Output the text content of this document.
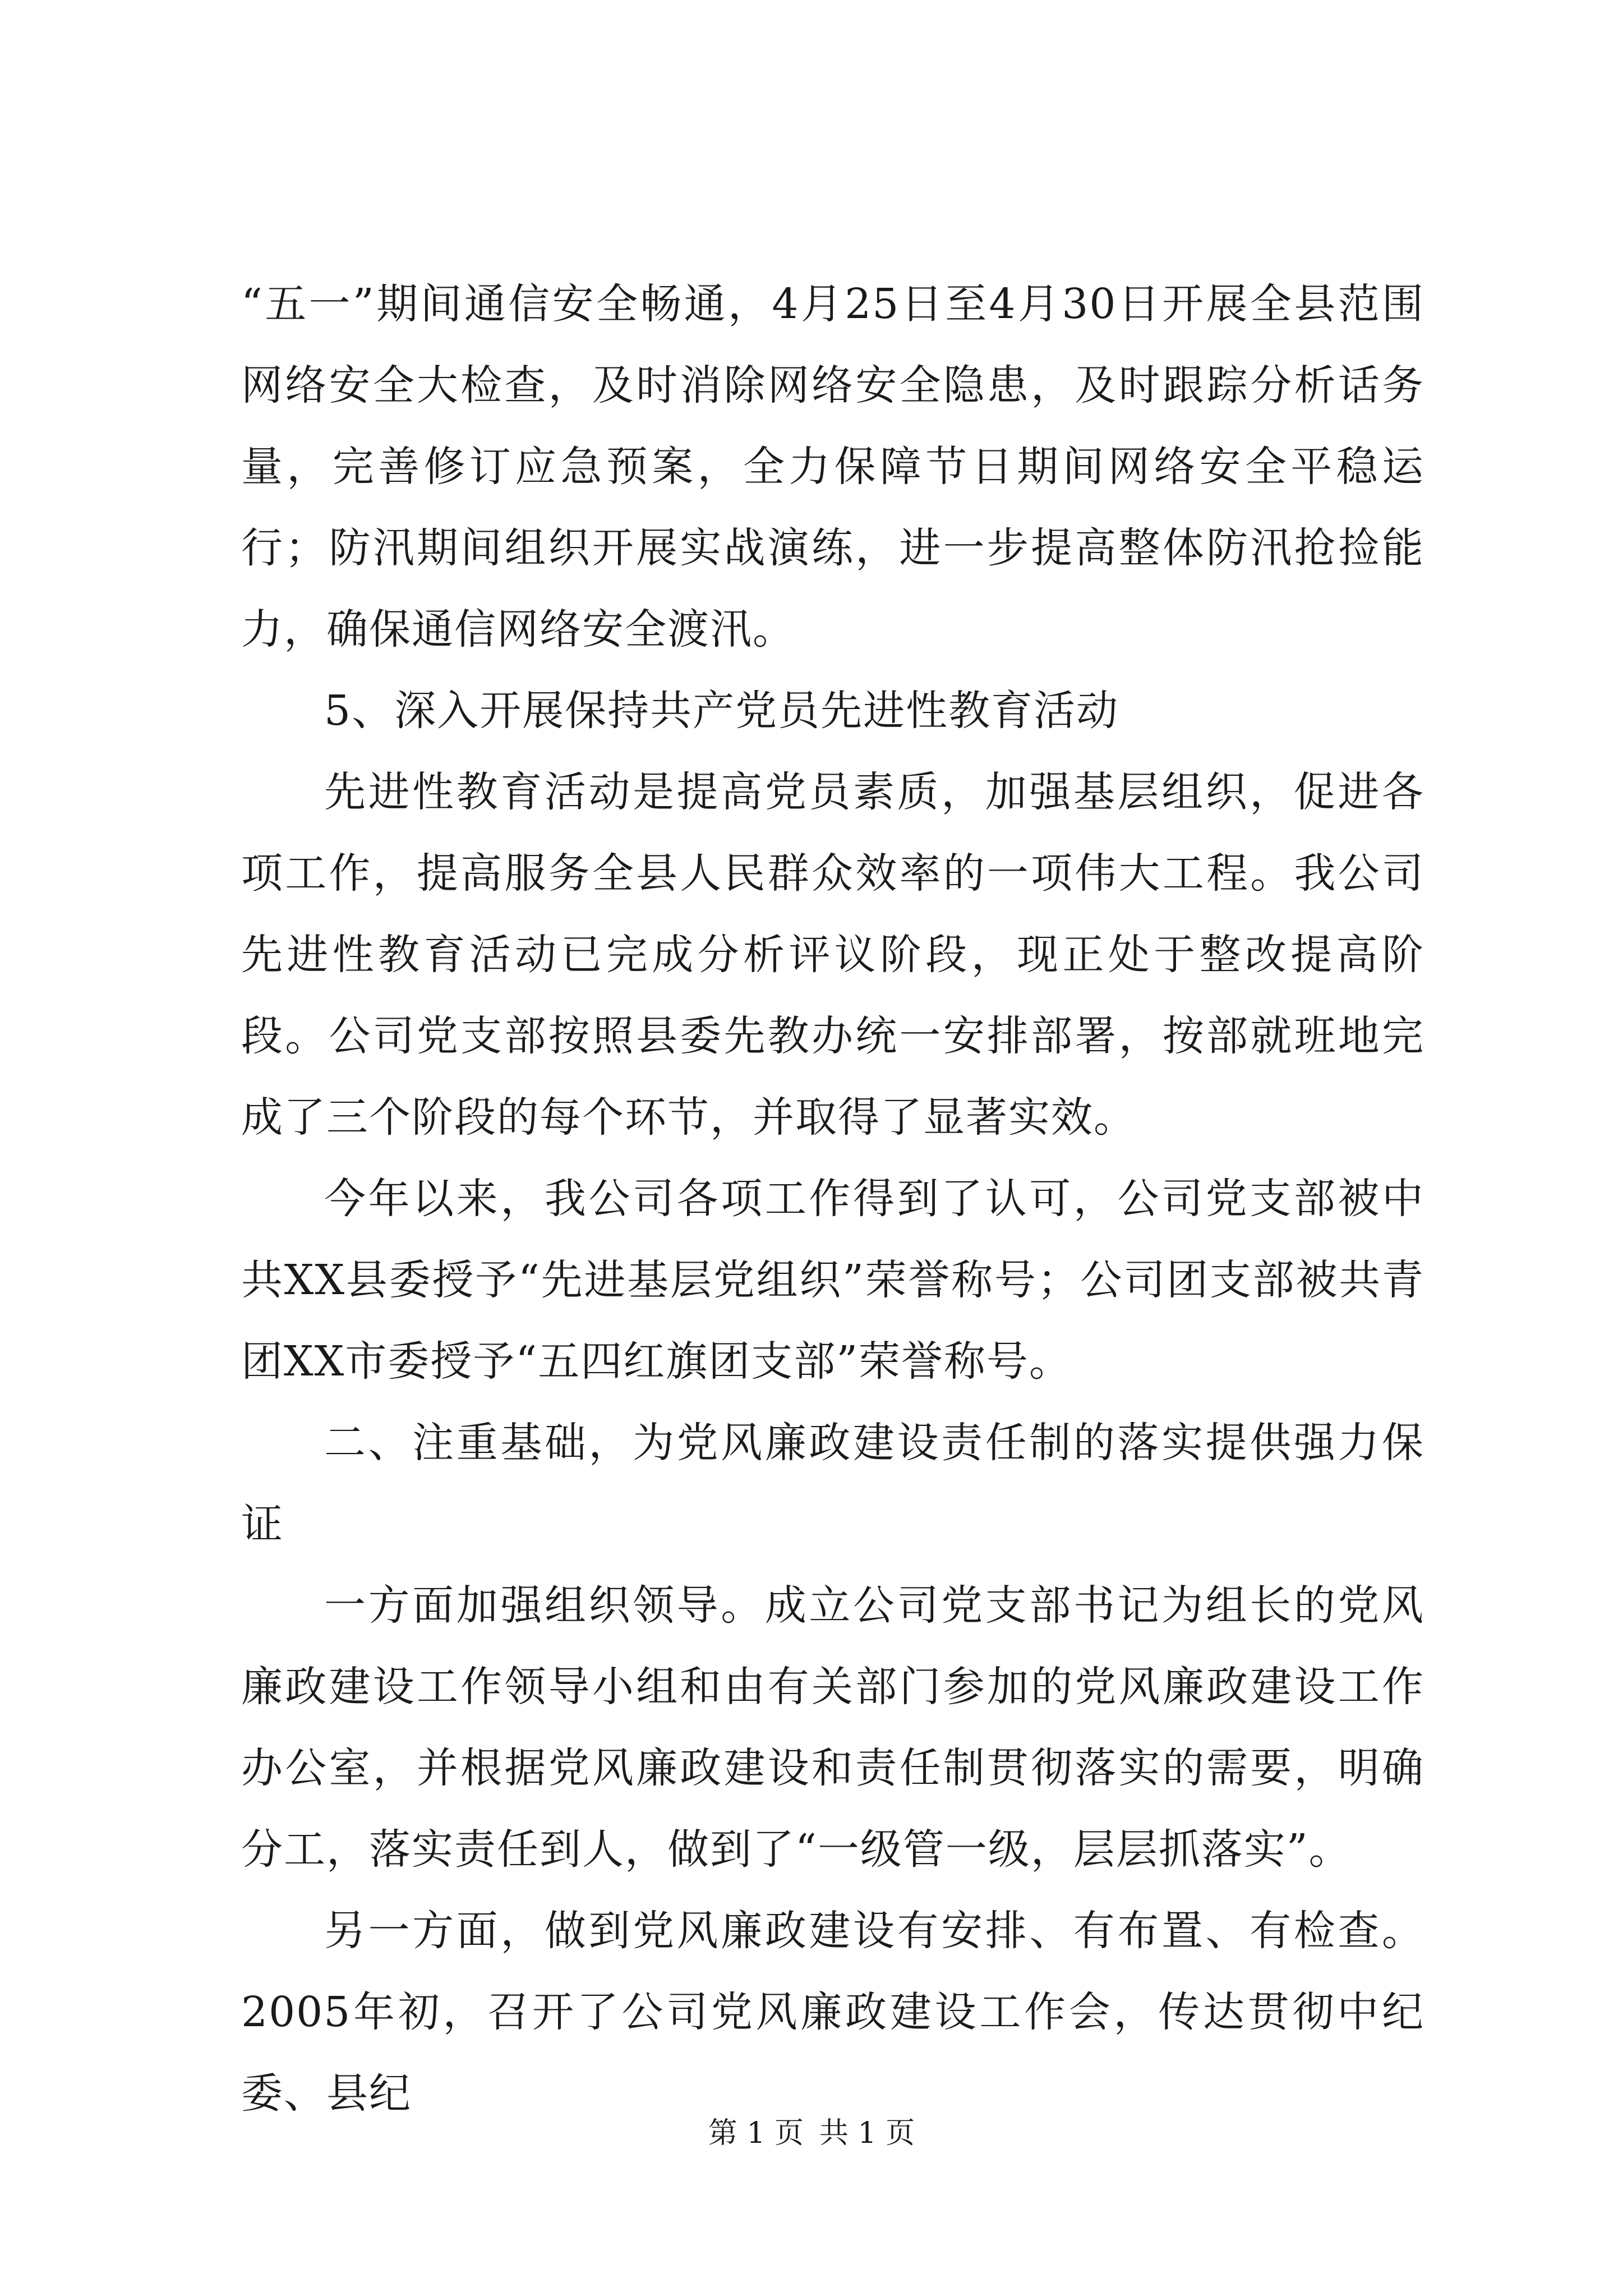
“五一”期间通信安全畅通，4月25日至4月30日开展全县范围网络安全大检查，及时消除网络安全隐患，及时跟踪分析话务量，完善修订应急预案，全力保障节日期间网络安全平稳运行；防汛期间组织开展实战演练，进一步提高整体防汛抢捡能力，确保通信网络安全渡汛。

5、深入开展保持共产党员先进性教育活动

先进性教育活动是提高党员素质，加强基层组织，促进各项工作，提高服务全县人民群众效率的一项伟大工程。我公司先进性教育活动已完成分析评议阶段，现正处于整改提高阶段。公司党支部按照县委先教办统一安排部署，按部就班地完成了三个阶段的每个环节，并取得了显著实效。

今年以来，我公司各项工作得到了认可，公司党支部被中共XX县委授予“先进基层党组织”荣誉称号；公司团支部被共青团XX市委授予“五四红旗团支部”荣誉称号。

二、注重基础，为党风廉政建设责任制的落实提供强力保证

一方面加强组织领导。成立公司党支部书记为组长的党风廉政建设工作领导小组和由有关部门参加的党风廉政建设工作办公室，并根据党风廉政建设和责任制贯彻落实的需要，明确分工，落实责任到人，做到了“一级管一级，层层抓落实”。

另一方面，做到党风廉政建设有安排、有布置、有检查。2005年初，召开了公司党风廉政建设工作会，传达贯彻中纪委、县纪

第 1 页 共 1 页
